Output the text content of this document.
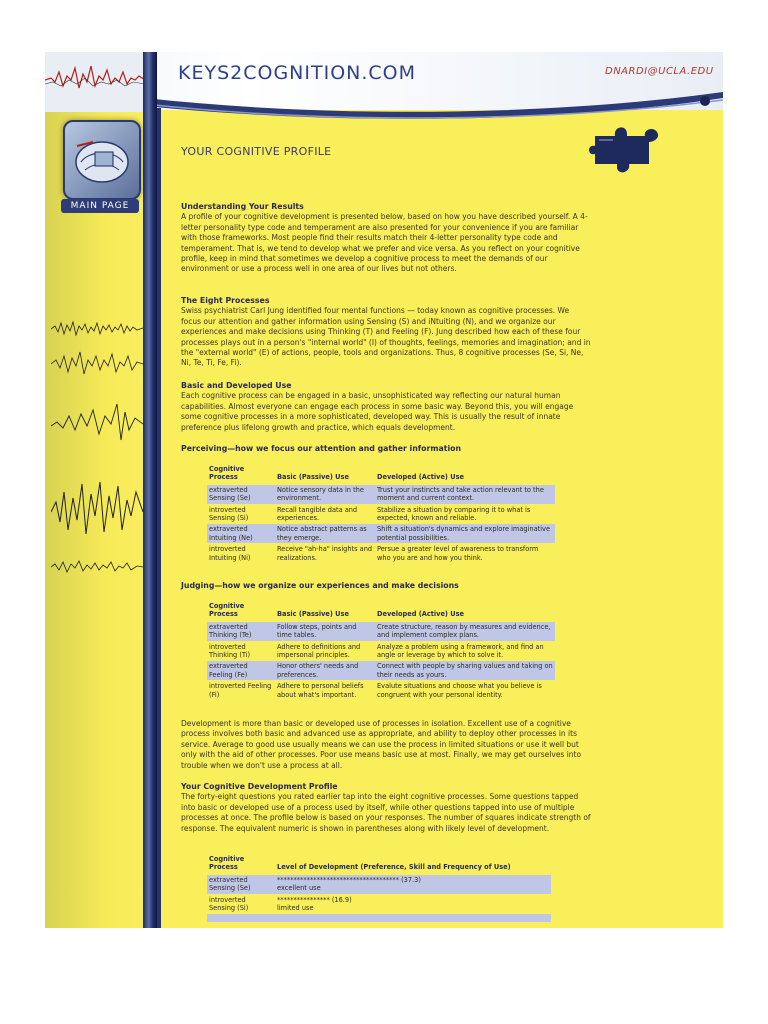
KEYS2COGNITION.COM	DNARDI@UCLA.EDU
MAIN PAGE
YOUR COGNITIVE PROFILE
Understanding Your Results

A profile of your cognitive development is presented below, based on how you have described yourself. A 4-letter personality type code and temperament are also presented for your convenience if you are familiar with those frameworks. Most people find their results match their 4-letter personality type code and temperament. That is, we tend to develop what we prefer and vice versa. As you reflect on your cognitive profile, keep in mind that sometimes we develop a cognitive process to meet the demands of our environment or use a process well in one area of our lives but not others.

The Eight Processes

Swiss psychiatrist Carl Jung identified four mental functions — today known as cognitive processes. We focus our attention and gather information using Sensing (S) and iNtuiting (N), and we organize our experiences and make decisions using Thinking (T) and Feeling (F). Jung described how each of these four processes plays out in a person's "internal world" (I) of thoughts, feelings, memories and imagination; and in the "external world" (E) of actions, people, tools and organizations. Thus, 8 cognitive processes (Se, Si, Ne, Ni, Te, Ti, Fe, Fi).

Basic and Developed Use

Each cognitive process can be engaged in a basic, unsophisticated way reflecting our natural human capabilities. Almost everyone can engage each process in some basic way. Beyond this, you will engage some cognitive processes in a more sophisticated, developed way. This is usually the result of innate preference plus lifelong growth and practice, which equals development.

Perceiving—how we focus our attention and gather information
Cognitive Process	Basic (Passive) Use	Developed (Active) Use
extraverted Sensing (Se)	Notice sensory data in the environment.	Trust your instincts and take action relevant to the moment and current context.
introverted Sensing (Si)	Recall tangible data and experiences.	Stabilize a situation by comparing it to what is expected, known and reliable.
extraverted Intuiting (Ne)	Notice abstract patterns as they emerge.	Shift a situation's dynamics and explore imaginative potential possibilities.
introverted Intuiting (Ni)	Receive "ah-ha" insights and realizations.	Persue a greater level of awareness to transform who you are and how you think.
Judging—how we organize our experiences and make decisions
Cognitive Process	Basic (Passive) Use	Developed (Active) Use
extraverted Thinking (Te)	Follow steps, points and time tables.	Create structure, reason by measures and evidence, and implement complex plans.
introverted Thinking (Ti)	Adhere to definitions and impersonal principles.	Analyze a problem using a framework, and find an angle or leverage by which to solve it.
extraverted Feeling (Fe)	Honor others' needs and preferences.	Connect with people by sharing values and taking on their needs as yours.
introverted Feeling (Fi)	Adhere to personal beliefs about what's important.	Evalute situations and choose what you believe is congruent with your personal identity.

Development is more than basic or developed use of processes in isolation. Excellent use of a cognitive process involves both basic and advanced use as appropriate, and ability to deploy other processes in its service. Average to good use usually means we can use the process in limited situations or use it well but only with the aid of other processes. Poor use means basic use at most. Finally, we may get ourselves into trouble when we don't use a process at all.

Your Cognitive Development Profile

The forty-eight questions you rated earlier tap into the eight cognitive processes. Some questions tapped into basic or developed use of a process used by itself, while other questions tapped into use of multiple processes at once. The profile below is based on your responses. The number of squares indicate strength of response. The equivalent numeric is shown in parentheses along with likely level of development.

Cognitive Process	Level of Development (Preference, Skill and Frequency of Use)
extraverted Sensing (Se)	************************************* (37.3)
excellent use

introverted Sensing (Si)	**************** (16.9)
limited use
